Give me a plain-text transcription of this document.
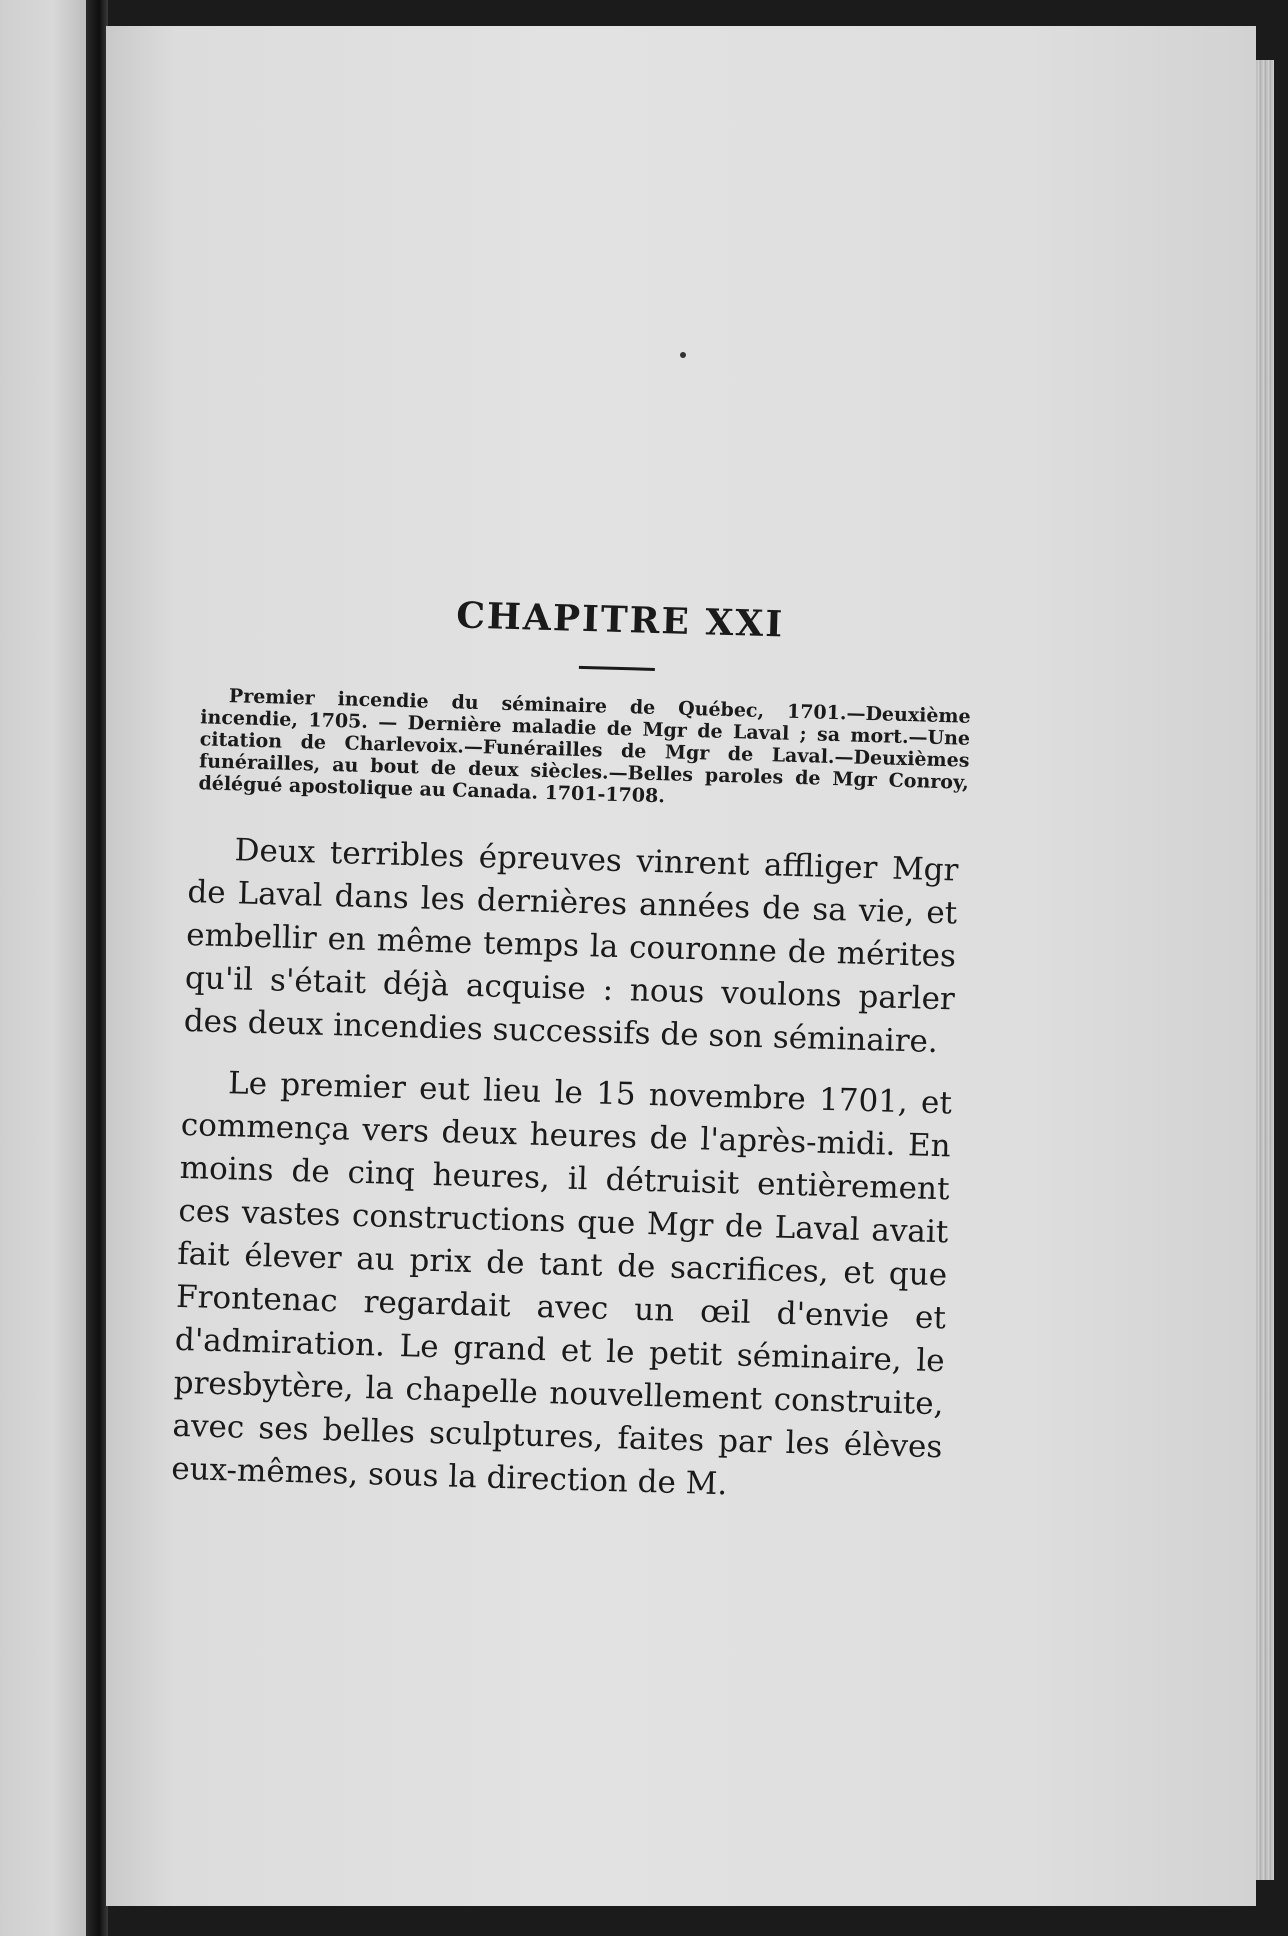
CHAPITRE XXI

Premier incendie du séminaire de Québec, 1701.—Deuxième incendie, 1705. — Dernière maladie de Mgr de Laval ; sa mort.—Une citation de Charlevoix.—Funérailles de Mgr de Laval.—Deuxièmes funérailles, au bout de deux siècles.—Belles paroles de Mgr Conroy, délégué apostolique au Canada. 1701-1708.

Deux terribles épreuves vinrent affliger Mgr de Laval dans les dernières années de sa vie, et embellir en même temps la couronne de mérites qu'il s'était déjà acquise : nous voulons parler des deux incendies successifs de son séminaire.

Le premier eut lieu le 15 novembre 1701, et commença vers deux heures de l'après-midi. En moins de cinq heures, il détruisit entièrement ces vastes constructions que Mgr de Laval avait fait élever au prix de tant de sacrifices, et que Frontenac regardait avec un œil d'envie et d'admiration. Le grand et le petit séminaire, le presbytère, la chapelle nouvellement construite, avec ses belles sculptures, faites par les élèves eux-mêmes, sous la direction de M.
